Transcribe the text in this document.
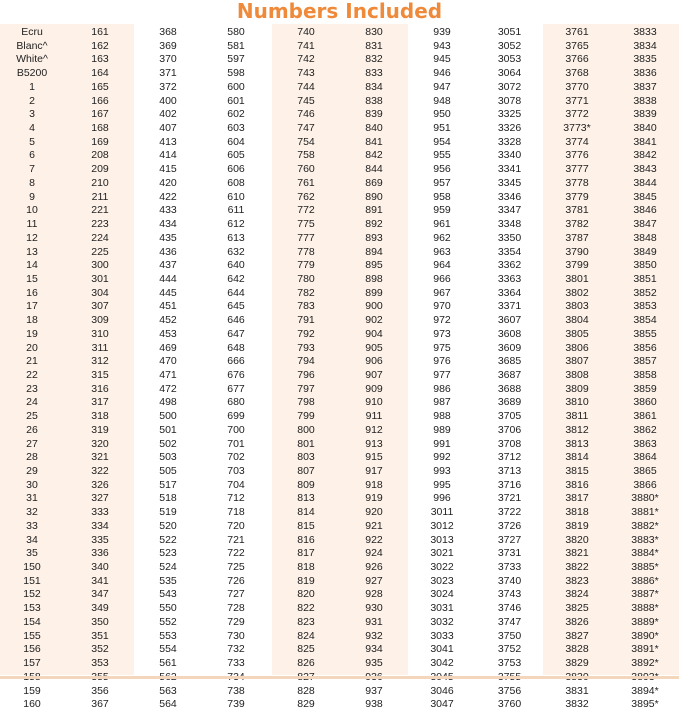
Numbers Included
Ecru
Blanc^
White^
B5200
1
2
3
4
5
6
7
8
9
10
11
12
13
14
15
16
17
18
19
20
21
22
23
24
25
26
27
28
29
30
31
32
33
34
35
150
151
152
153
154
155
156
157
159
160
161
162
163
164
165
166
167
168
169
208
209
210
211
221
223
224
225
300
301
304
307
309
310
311
312
315
316
317
318
319
320
321
322
326
327
333
334
335
336
340
341
347
349
350
351
352
353
356
367
368
369
370
371
372
400
402
407
413
414
415
420
422
433
434
435
436
437
444
445
451
452
453
469
470
471
472
498
500
501
502
503
505
517
518
519
520
522
523
524
535
543
550
552
553
554
561
563
564
580
581
597
598
600
601
602
603
604
605
606
608
610
611
612
613
632
640
642
644
645
646
647
648
666
676
677
680
699
700
701
702
703
704
712
718
720
721
722
725
726
727
728
729
730
732
733
738
739
740
741
742
743
744
745
746
747
754
758
760
761
762
772
775
777
778
779
780
782
783
791
792
793
794
796
797
798
799
800
801
803
807
809
813
814
815
816
817
818
819
820
822
823
824
825
826
828
829
830
831
832
833
834
838
839
840
841
842
844
869
890
891
892
893
894
895
898
899
900
902
904
905
906
907
909
910
911
912
913
915
917
918
919
920
921
922
924
926
927
928
930
931
932
934
935
937
938
939
943
945
946
947
948
950
951
954
955
956
957
958
959
961
962
963
964
966
967
970
972
973
975
976
977
986
987
988
989
991
992
993
995
996
3011
3012
3013
3021
3022
3023
3024
3031
3032
3033
3041
3042
3046
3047
3051
3052
3053
3064
3072
3078
3325
3326
3328
3340
3341
3345
3346
3347
3348
3350
3354
3362
3363
3364
3371
3607
3608
3609
3685
3687
3688
3689
3705
3706
3708
3712
3713
3716
3721
3722
3726
3727
3731
3733
3740
3743
3746
3747
3750
3752
3753
3756
3760
3761
3765
3766
3768
3770
3771
3772
3773*
3774
3776
3777
3778
3779
3781
3782
3787
3790
3799
3801
3802
3803
3804
3805
3806
3807
3808
3809
3810
3811
3812
3813
3814
3815
3816
3817
3818
3819
3820
3821
3822
3823
3824
3825
3826
3827
3828
3829
3831
3832
3833
3834
3835
3836
3837
3838
3839
3840
3841
3842
3843
3844
3845
3846
3847
3848
3849
3850
3851
3852
3853
3854
3855
3856
3857
3858
3859
3860
3861
3862
3863
3864
3865
3866
3880*
3881*
3882*
3883*
3884*
3885*
3886*
3887*
3888*
3889*
3890*
3891*
3892*
3894*
3895*
